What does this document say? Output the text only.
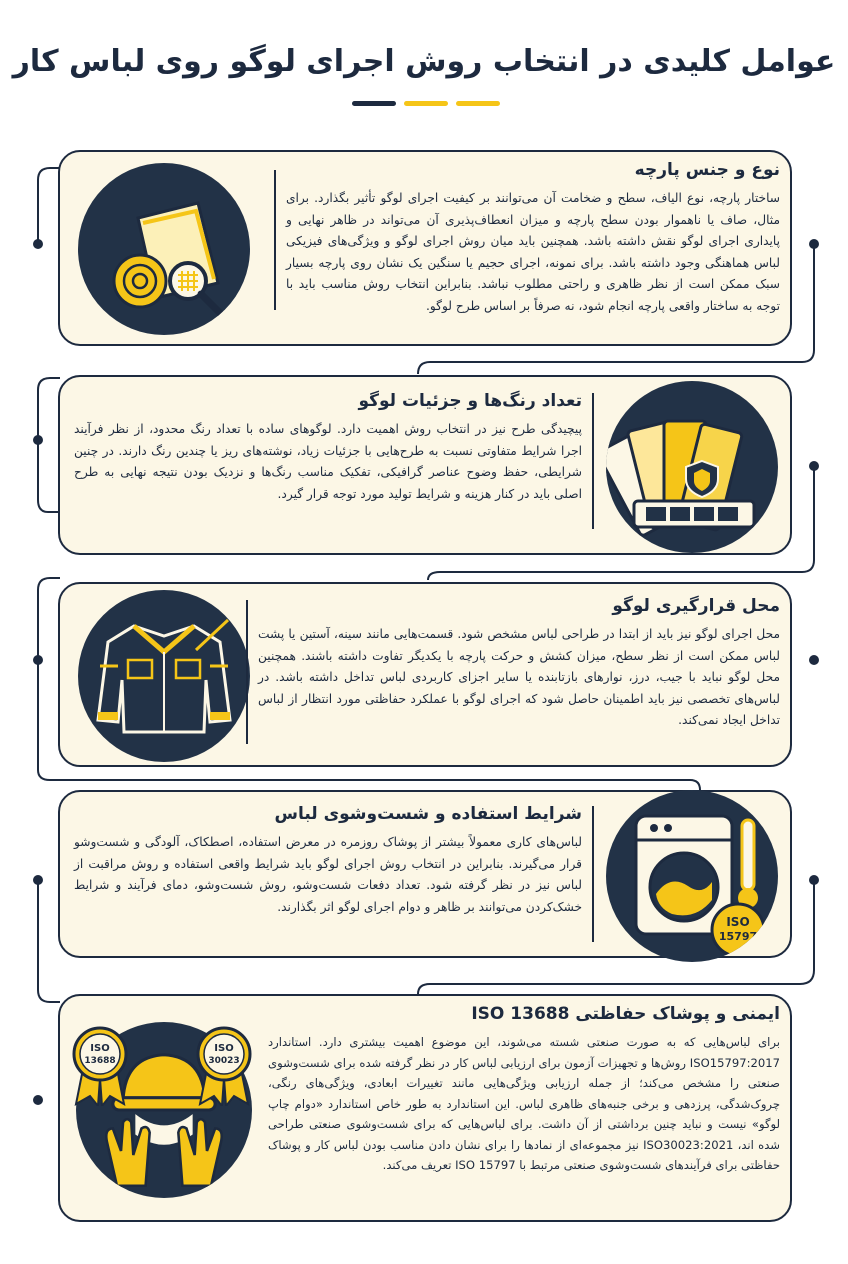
عوامل کلیدی در انتخاب روش اجرای لوگو روی لباس کار
نوع و جنس پارچه
ساختار پارچه، نوع الیاف، سطح و ضخامت آن می‌توانند بر کیفیت اجرای لوگو تأثیر بگذارد. برای مثال، صاف یا ناهموار بودن سطح پارچه و میزان انعطاف‌پذیری آن می‌تواند در ظاهر نهایی و پایداری اجرای لوگو نقش داشته باشد. همچنین باید میان روش اجرای لوگو و ویژگی‌های فیزیکی لباس هماهنگی وجود داشته باشد. برای نمونه، اجرای حجیم یا سنگین یک نشان روی پارچه بسیار سبک ممکن است از نظر ظاهری و راحتی مطلوب نباشد. بنابراین انتخاب روش مناسب باید با توجه به ساختار واقعی پارچه انجام شود، نه صرفاً بر اساس طرح لوگو.
تعداد رنگ‌ها و جزئیات لوگو
پیچیدگی طرح نیز در انتخاب روش اهمیت دارد. لوگوهای ساده با تعداد رنگ محدود، از نظر فرآیند اجرا شرایط متفاوتی نسبت به طرح‌هایی با جزئیات زیاد، نوشته‌های ریز یا چندین رنگ دارند. در چنین شرایطی، حفظ وضوح عناصر گرافیکی، تفکیک مناسب رنگ‌ها و نزدیک بودن نتیجه نهایی به طرح اصلی باید در کنار هزینه و شرایط تولید مورد توجه قرار گیرد.
محل قرارگیری لوگو
محل اجرای لوگو نیز باید از ابتدا در طراحی لباس مشخص شود. قسمت‌هایی مانند سینه، آستین یا پشت لباس ممکن است از نظر سطح، میزان کشش و حرکت پارچه با یکدیگر تفاوت داشته باشند. همچنین محل لوگو نباید با جیب، درز، نوارهای بازتابنده یا سایر اجزای کاربردی لباس تداخل داشته باشد. در لباس‌های تخصصی نیز باید اطمینان حاصل شود که اجرای لوگو با عملکرد حفاظتی مورد انتظار از لباس تداخل ایجاد نمی‌کند.
ISO
15797
شرایط استفاده و شست‌وشوی لباس
لباس‌های کاری معمولاً بیشتر از پوشاک روزمره در معرض استفاده، اصطکاک، آلودگی و شست‌وشو قرار می‌گیرند. بنابراین در انتخاب روش اجرای لوگو باید شرایط واقعی استفاده و روش مراقبت از لباس نیز در نظر گرفته شود. تعداد دفعات شست‌وشو، روش شست‌وشو، دمای فرآیند و شرایط خشک‌کردن می‌توانند بر ظاهر و دوام اجرای لوگو اثر بگذارند.
ISO
13688
ISO
30023
ایمنی و پوشاک حفاظتی ISO 13688
برای لباس‌هایی که به صورت صنعتی شسته می‌شوند، این موضوع اهمیت بیشتری دارد. استاندارد ISO15797:2017 روش‌ها و تجهیزات آزمون برای ارزیابی لباس کار در نظر گرفته شده برای شست‌وشوی صنعتی را مشخص می‌کند؛ از جمله ارزیابی ویژگی‌هایی مانند تغییرات ابعادی، ویژگی‌های رنگی، چروک‌شدگی، پرزدهی و برخی جنبه‌های ظاهری لباس. این استاندارد به طور خاص استاندارد «دوام چاپ لوگو» نیست و نباید چنین برداشتی از آن داشت. برای لباس‌هایی که برای شست‌وشوی صنعتی طراحی شده اند، ISO30023:2021 نیز مجموعه‌ای از نمادها را برای نشان دادن مناسب بودن لباس کار و پوشاک حفاظتی برای فرآیندهای شست‌وشوی صنعتی مرتبط با ISO 15797 تعریف می‌کند.
